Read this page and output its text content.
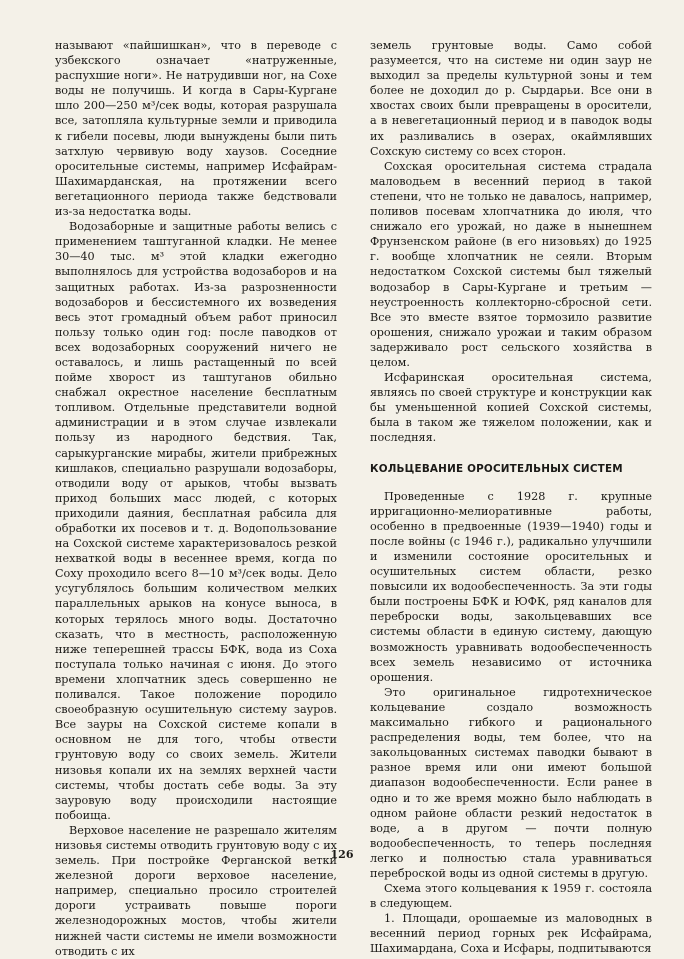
называют «пайшишкан», что в переводе с узбекского означает «натруженные, распухшие ноги». Не натрудивши ног, на Сохе воды не получишь. И когда в Сары-Кургане шло 200—250 м³/сек воды, которая разрушала все, затопляла культурные земли и приводила к гибели посевы, люди вынуждены были пить затхлую червивую воду хаузов. Соседние оросительные системы, например Исфайрам-Шахимарданская, на протяжении всего вегетационного периода также бедствовали из-за недостатка воды.

Водозаборные и защитные работы велись с применением таштуганной кладки. Не менее 30—40 тыс. м³ этой кладки ежегодно выполнялось для устройства водозаборов и на защитных работах. Из-за разрозненности водозаборов и бессистемного их возведения весь этот громадный объем работ приносил пользу только один год: после паводков от всех водозаборных сооружений ничего не оставалось, и лишь растащенный по всей пойме хворост из таштуганов обильно снабжал окрестное население бесплатным топливом. Отдельные представители водной администрации и в этом случае извлекали пользу из народного бедствия. Так, сарыкурганские мирабы, жители прибрежных кишлаков, специально разрушали водозаборы, отводили воду от арыков, чтобы вызвать приход больших масс людей, с которых приходили даяния, бесплатная рабсила для обработки их посевов и т. д. Водопользование на Сохской системе характеризовалось резкой нехваткой воды в весеннее время, когда по Соху проходило всего 8—10 м³/сек воды. Дело усугублялось большим количеством мелких параллельных арыков на конусе выноса, в которых терялось много воды. Достаточно сказать, что в местность, расположенную ниже теперешней трассы БФК, вода из Соха поступала только начиная с июня. До этого времени хлопчатник здесь совершенно не поливался. Такое положение породило своеобразную осушительную систему зауров. Все зауры на Сохской системе копали в основном не для того, чтобы отвести грунтовую воду со своих земель. Жители низовья копали их на землях верхней части системы, чтобы достать себе воды. За эту зауровую воду происходили настоящие побоища.

Верховое население не разрешало жителям низовья системы отводить грунтовую воду с их земель. При постройке Ферганской ветки железной дороги верховое население, например, специально просило строителей дороги устраивать повыше пороги железнодорожных мостов, чтобы жители нижней части системы не имели возможности отводить с их

земель грунтовые воды. Само собой разумеется, что на системе ни один заур не выходил за пределы культурной зоны и тем более не доходил до р. Сырдарьи. Все они в хвостах своих были превращены в оросители, а в невегетационный период и в паводок воды их разливались в озерах, окаймлявших Сохскую систему со всех сторон.

Сохская оросительная система страдала маловодьем в весенний период в такой степени, что не только не давалось, например, поливов посевам хлопчатника до июля, что снижало его урожай, но даже в нынешнем Фрунзенском районе (в его низовьях) до 1925 г. вообще хлопчатник не сеяли. Вторым недостатком Сохской системы был тяжелый водозабор в Сары-Кургане и третьим — неустроенность коллекторно-сбросной сети. Все это вместе взятое тормозило развитие орошения, снижало урожаи и таким образом задерживало рост сельского хозяйства в целом.

Исфаринская оросительная система, являясь по своей структуре и конструкции как бы уменьшенной копией Сохской системы, была в таком же тяжелом положении, как и последняя.

КОЛЬЦЕВАНИЕ ОРОСИТЕЛЬНЫХ СИСТЕМ

Проведенные с 1928 г. крупные ирригационно-мелиоративные работы, особенно в предвоенные (1939—1940) годы и после войны (с 1946 г.), радикально улучшили и изменили состояние оросительных и осушительных систем области, резко повысили их водообеспеченность. За эти годы были построены БФК и ЮФК, ряд каналов для переброски воды, закольцевавших все системы области в единую систему, дающую возможность уравнивать водообеспеченность всех земель независимо от источника орошения.

Это оригинальное гидротехническое кольцевание создало возможность максимально гибкого и рационального распределения воды, тем более, что на закольцованных системах паводки бывают в разное время или они имеют большой диапазон водообеспеченности. Если ранее в одно и то же время можно было наблюдать в одном районе области резкий недостаток в воде, а в другом — почти полную водообеспеченность, то теперь последняя легко и полностью стала уравниваться переброской воды из одной системы в другую.

Схема этого кольцевания к 1959 г. состояла в следующем.

1. Площади, орошаемые из маловодных в весенний период горных рек Исфайрама, Шахимардана, Соха и Исфары, подпитываются

126
